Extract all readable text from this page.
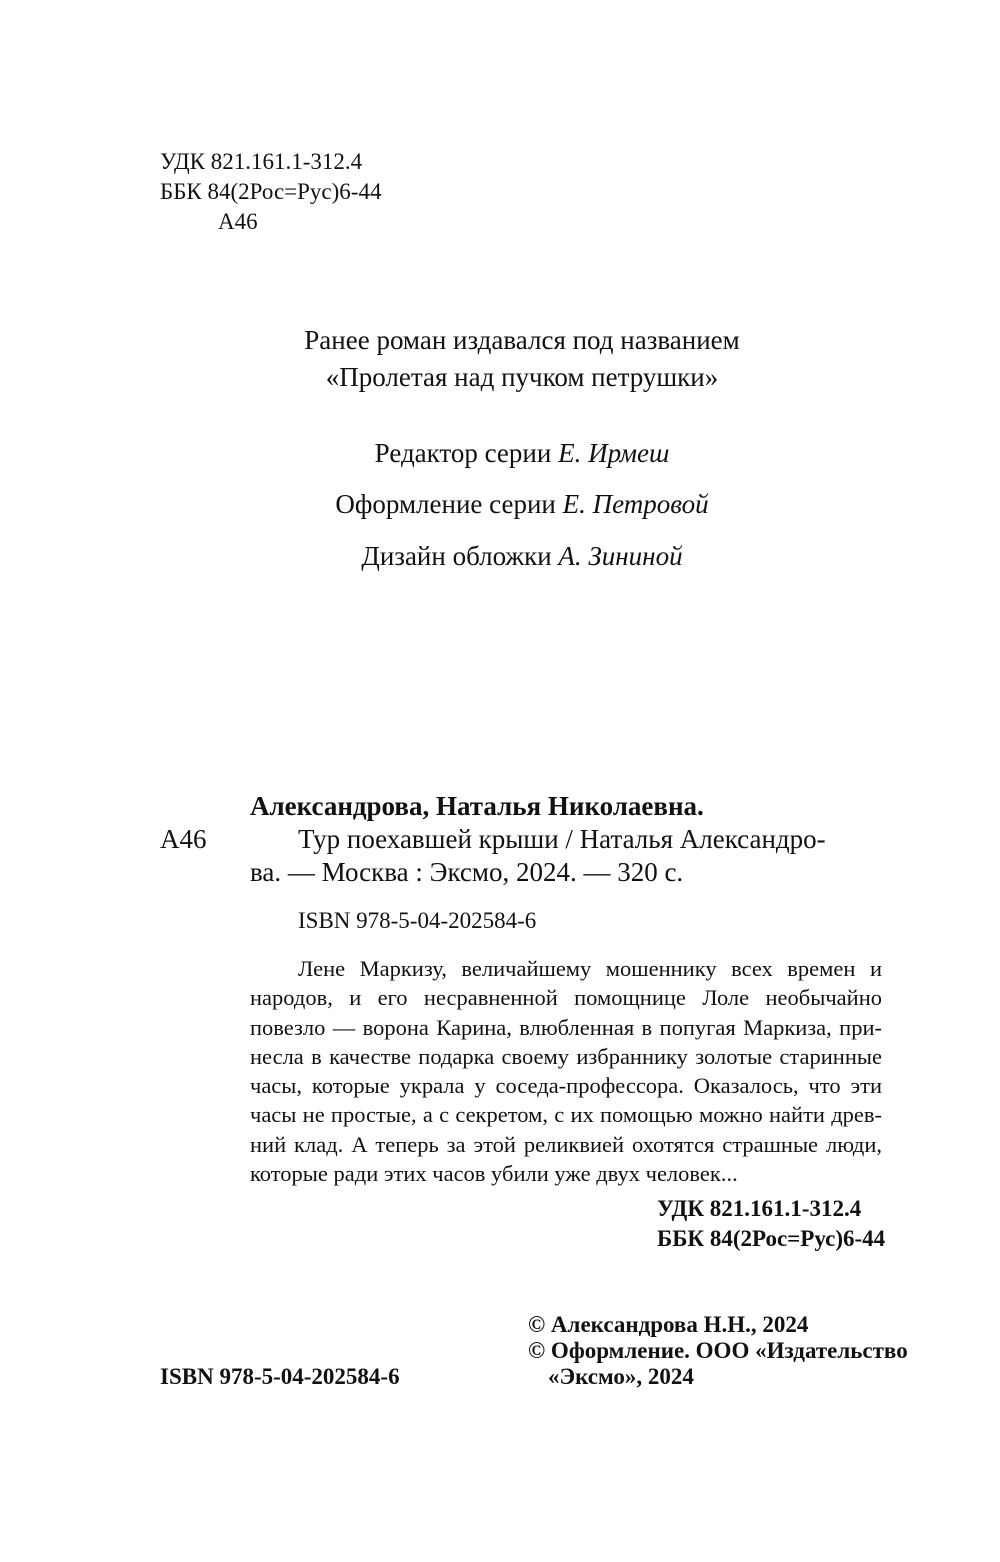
УДК 821.161.1-312.4
ББК 84(2Рос=Рус)6-44
А46
Ранее роман издавался под названием
«Пролетая над пучком петрушки»
Редактор серии Е. Ирмеш
Оформление серии Е. Петровой
Дизайн обложки А. Зининой
Александрова, Наталья Николаевна.
А46	Тур поехавшей крыши / Наталья Александро-
ва. — Москва : Эксмо, 2024. — 320 с.
ISBN 978-5-04-202584-6
Лене Маркизу, величайшему мошеннику всех времен и
народов, и его несравненной помощнице Лоле необычайно
повезло — ворона Карина, влюбленная в попугая Маркиза, при-
несла в качестве подарка своему избраннику золотые старинные
часы, которые украла у соседа-профессора. Оказалось, что эти
часы не простые, а с секретом, с их помощью можно найти древ-
ний клад. А теперь за этой реликвией охотятся страшные люди,
которые ради этих часов убили уже двух человек...
УДК 821.161.1-312.4
ББК 84(2Рос=Рус)6-44
ISBN 978-5-04-202584-6
© Александрова Н.Н., 2024
© Оформление. ООО «Издательство
«Эксмо», 2024
